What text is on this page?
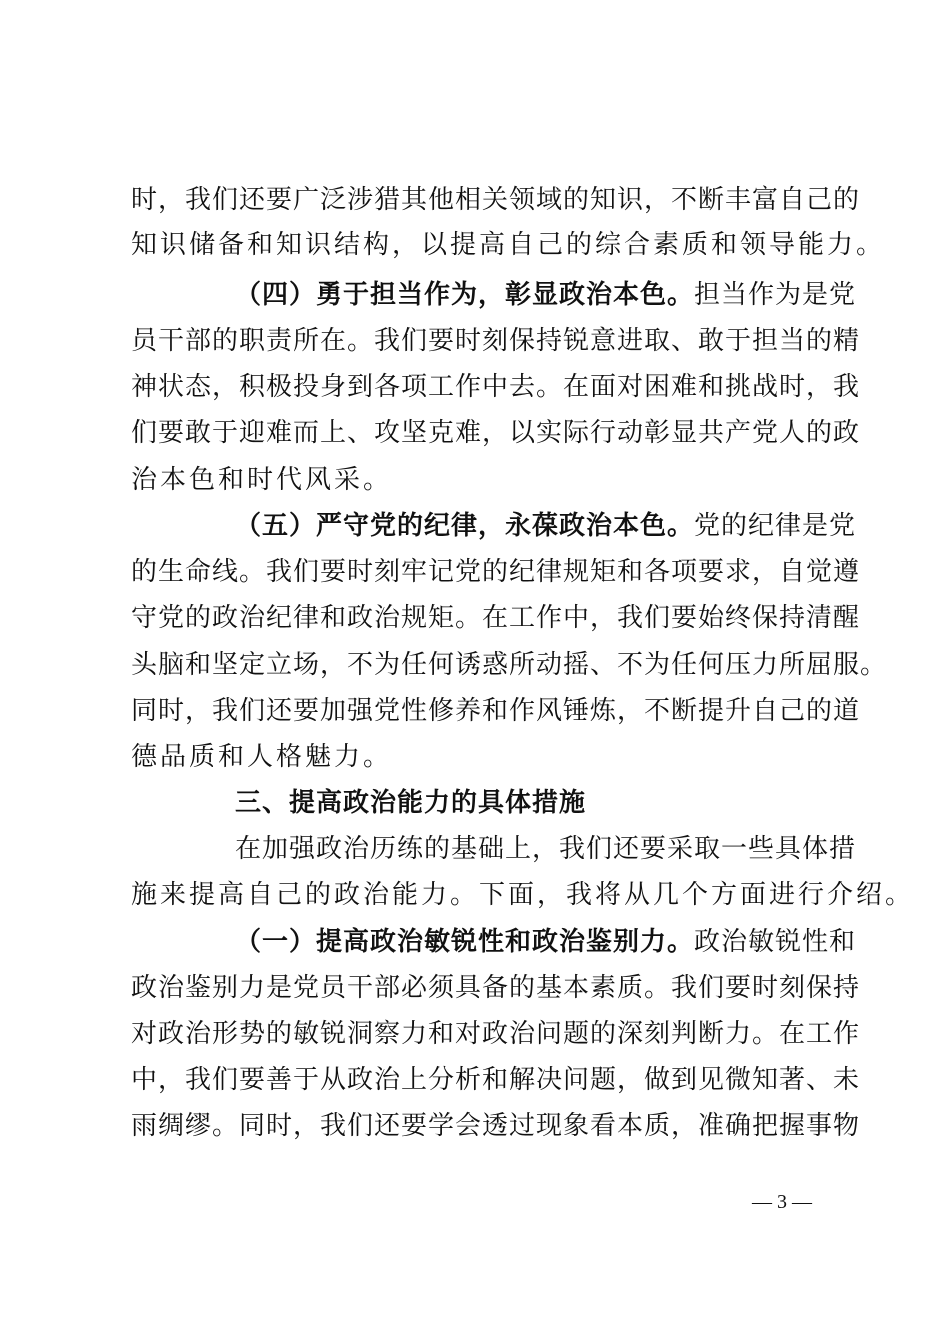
时，我们还要广泛涉猎其他相关领域的知识，不断丰富自己的
知识储备和知识结构，以提高自己的综合素质和领导能力。
（四）勇于担当作为，彰显政治本色。担当作为是党
员干部的职责所在。我们要时刻保持锐意进取、敢于担当的精
神状态，积极投身到各项工作中去。在面对困难和挑战时，我
们要敢于迎难而上、攻坚克难，以实际行动彰显共产党人的政
治本色和时代风采。
（五）严守党的纪律，永葆政治本色。党的纪律是党
的生命线。我们要时刻牢记党的纪律规矩和各项要求，自觉遵
守党的政治纪律和政治规矩。在工作中，我们要始终保持清醒
头脑和坚定立场，不为任何诱惑所动摇、不为任何压力所屈服。
同时，我们还要加强党性修养和作风锤炼，不断提升自己的道
德品质和人格魅力。
三、提高政治能力的具体措施
在加强政治历练的基础上，我们还要采取一些具体措
施来提高自己的政治能力。下面，我将从几个方面进行介绍。
（一）提高政治敏锐性和政治鉴别力。政治敏锐性和
政治鉴别力是党员干部必须具备的基本素质。我们要时刻保持
对政治形势的敏锐洞察力和对政治问题的深刻判断力。在工作
中，我们要善于从政治上分析和解决问题，做到见微知著、未
雨绸缪。同时，我们还要学会透过现象看本质，准确把握事物
— 3 —
